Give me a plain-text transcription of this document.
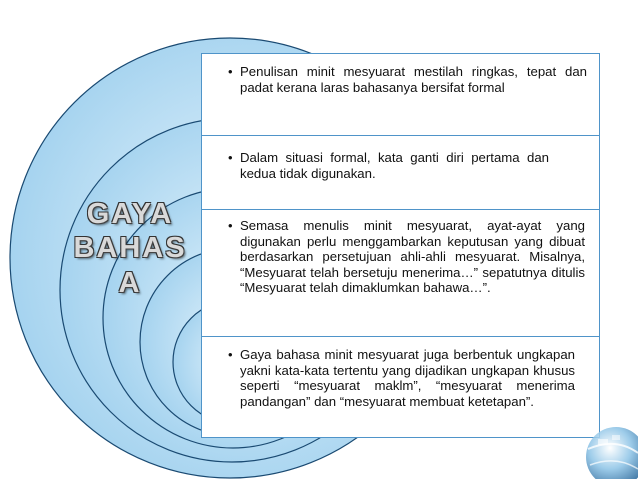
GAYA
BAHAS
A
• Penulisan minit mesyuarat mestilah ringkas, tepat dan padat kerana laras bahasanya bersifat formal
• Dalam situasi formal, kata ganti diri pertama dan kedua tidak digunakan.
• Semasa menulis minit mesyuarat, ayat-ayat yang digunakan perlu menggambarkan keputusan yang dibuat berdasarkan persetujuan ahli-ahli mesyuarat. Misalnya, “Mesyuarat telah bersetuju menerima…” sepatutnya ditulis “Mesyuarat telah dimaklumkan bahawa…”.
• Gaya bahasa minit mesyuarat juga berbentuk ungkapan yakni kata-kata tertentu yang dijadikan ungkapan khusus seperti “mesyuarat maklm”, “mesyuarat menerima pandangan” dan “mesyuarat membuat ketetapan”.
